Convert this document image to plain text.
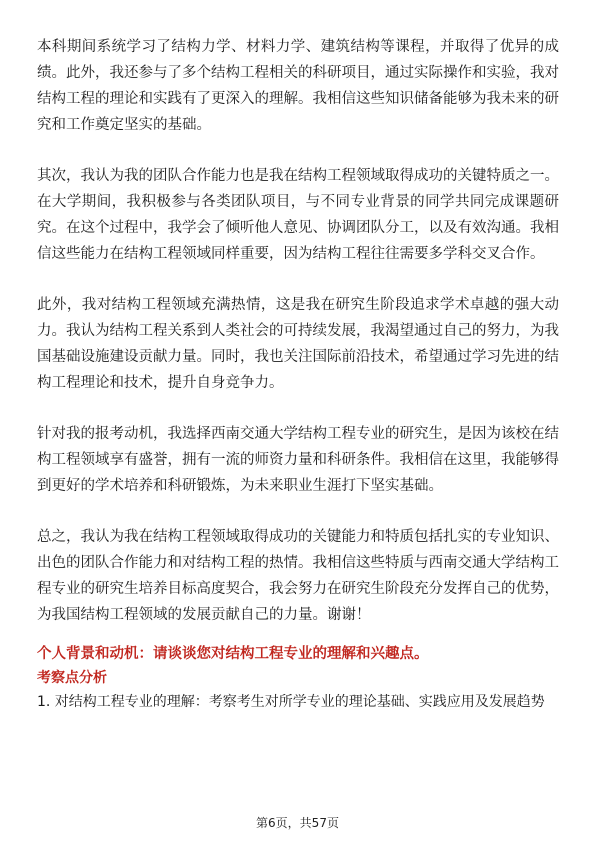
本科期间系统学习了结构力学、材料力学、建筑结构等课程，并取得了优异的成绩。此外，我还参与了多个结构工程相关的科研项目，通过实际操作和实验，我对结构工程的理论和实践有了更深入的理解。我相信这些知识储备能够为我未来的研究和工作奠定坚实的基础。

其次，我认为我的团队合作能力也是我在结构工程领域取得成功的关键特质之一。在大学期间，我积极参与各类团队项目，与不同专业背景的同学共同完成课题研究。在这个过程中，我学会了倾听他人意见、协调团队分工，以及有效沟通。我相信这些能力在结构工程领域同样重要，因为结构工程往往需要多学科交叉合作。

此外，我对结构工程领域充满热情，这是我在研究生阶段追求学术卓越的强大动力。我认为结构工程关系到人类社会的可持续发展，我渴望通过自己的努力，为我国基础设施建设贡献力量。同时，我也关注国际前沿技术，希望通过学习先进的结构工程理论和技术，提升自身竞争力。

针对我的报考动机，我选择西南交通大学结构工程专业的研究生，是因为该校在结构工程领域享有盛誉，拥有一流的师资力量和科研条件。我相信在这里，我能够得到更好的学术培养和科研锻炼，为未来职业生涯打下坚实基础。

总之，我认为我在结构工程领域取得成功的关键能力和特质包括扎实的专业知识、出色的团队合作能力和对结构工程的热情。我相信这些特质与西南交通大学结构工程专业的研究生培养目标高度契合，我会努力在研究生阶段充分发挥自己的优势，为我国结构工程领域的发展贡献自己的力量。谢谢！

个人背景和动机：请谈谈您对结构工程专业的理解和兴趣点。

考察点分析

1. 对结构工程专业的理解：考察考生对所学专业的理论基础、实践应用及发展趋势

第6页，共57页
